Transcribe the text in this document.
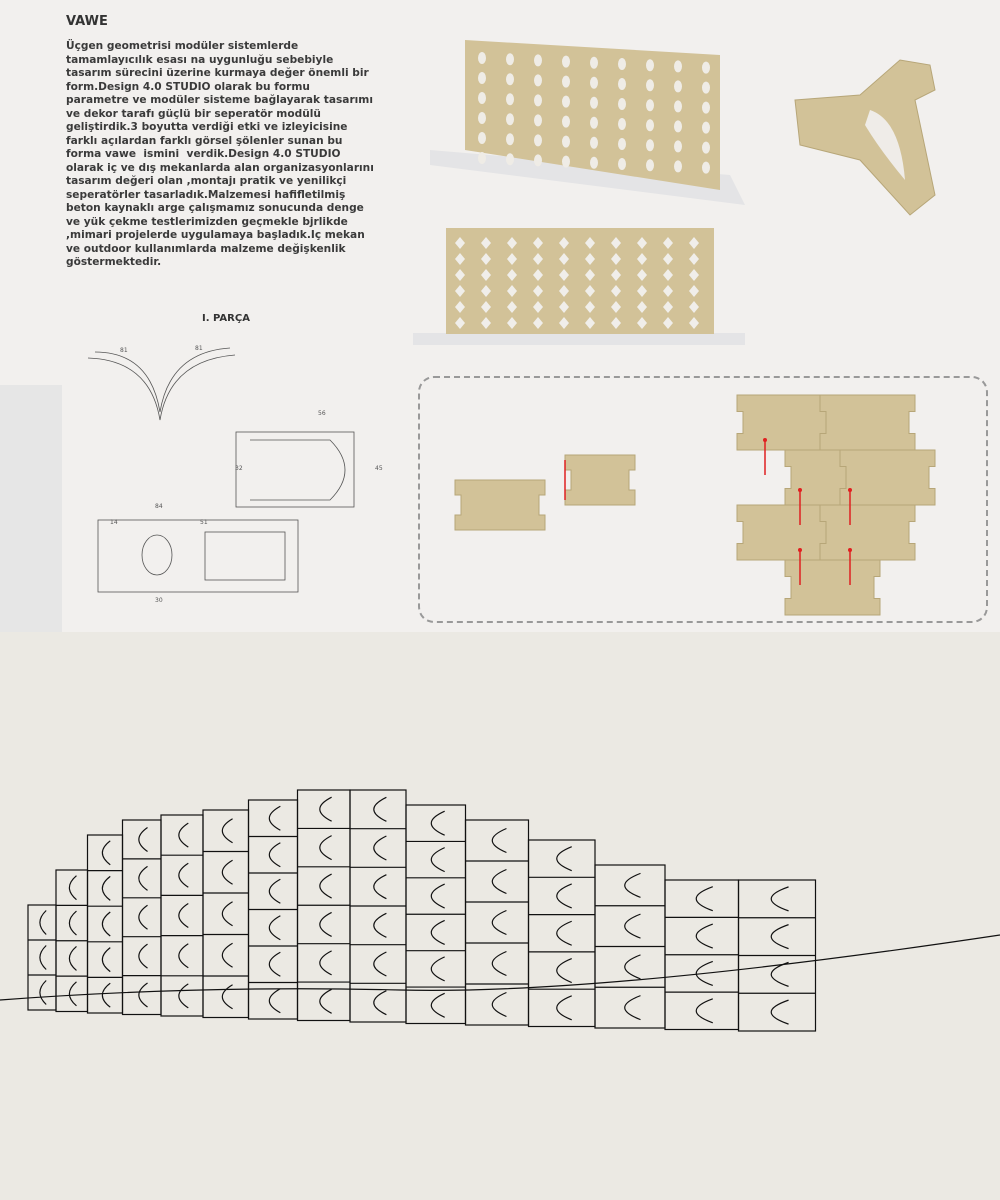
VAWE
Üçgen geometrisi modüler sistemlerde
tamamlayıcılık esası na uygunluğu sebebiyle
tasarım sürecini üzerine kurmaya değer önemli bir
form.Design 4.0 STUDIO olarak bu formu
parametre ve modüler sisteme bağlayarak tasarımı
ve dekor tarafı güçlü bir seperatör modülü
geliştirdik.3 boyutta verdiği etki ve izleyicisine
farklı açılardan farklı görsel şölenler sunan bu
forma vawe  ismini  verdik.Design 4.0 STUDIO
olarak iç ve dış mekanlarda alan organizasyonlarını
tasarım değeri olan ,montajı pratik ve yenilikçi
seperatörler tasarladık.Malzemesi hafifletilmiş
beton kaynaklı arge çalışmamız sonucunda denge
ve yük çekme testlerimizden geçmekle bjrlikde
,mimari projelerde uygulamaya başladık.Iç mekan
ve outdoor kullanımlarda malzeme değişkenlik
göstermektedir.
I. PARÇA
81	81
56
32	45
84
14
30
51
